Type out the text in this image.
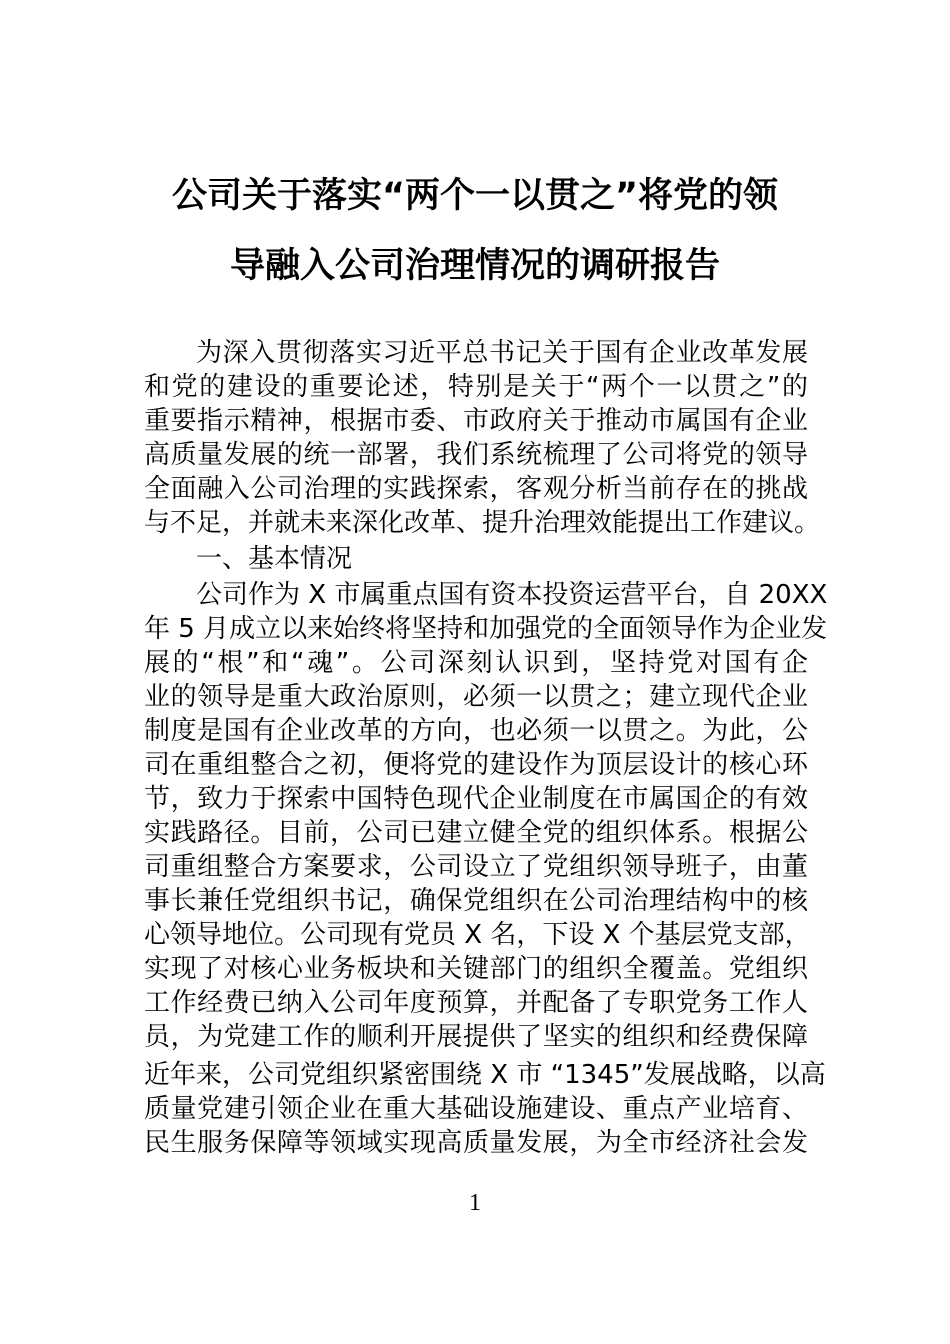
公司关于落实“两个一以贯之”将党的领
导融入公司治理情况的调研报告
为深入贯彻落实习近平总书记关于国有企业改革发展
和党的建设的重要论述，特别是关于“两个一以贯之”的
重要指示精神，根据市委、市政府关于推动市属国有企业
高质量发展的统一部署，我们系统梳理了公司将党的领导
全面融入公司治理的实践探索，客观分析当前存在的挑战
与不足，并就未来深化改革、提升治理效能提出工作建议。
一、基本情况
公司作为 X 市属重点国有资本投资运营平台，自 20XX
年 5 月成立以来始终将坚持和加强党的全面领导作为企业发
展的“根”和“魂”。公司深刻认识到，坚持党对国有企
业的领导是重大政治原则，必须一以贯之；建立现代企业
制度是国有企业改革的方向，也必须一以贯之。为此，公
司在重组整合之初，便将党的建设作为顶层设计的核心环
节，致力于探索中国特色现代企业制度在市属国企的有效
实践路径。目前，公司已建立健全党的组织体系。根据公
司重组整合方案要求，公司设立了党组织领导班子，由董
事长兼任党组织书记，确保党组织在公司治理结构中的核
心领导地位。公司现有党员 X 名，下设 X 个基层党支部，
实现了对核心业务板块和关键部门的组织全覆盖。党组织
工作经费已纳入公司年度预算，并配备了专职党务工作人
员，为党建工作的顺利开展提供了坚实的组织和经费保障
近年来，公司党组织紧密围绕 X 市 “1345”发展战略，以高
质量党建引领企业在重大基础设施建设、重点产业培育、
民生服务保障等领域实现高质量发展，为全市经济社会发
1
